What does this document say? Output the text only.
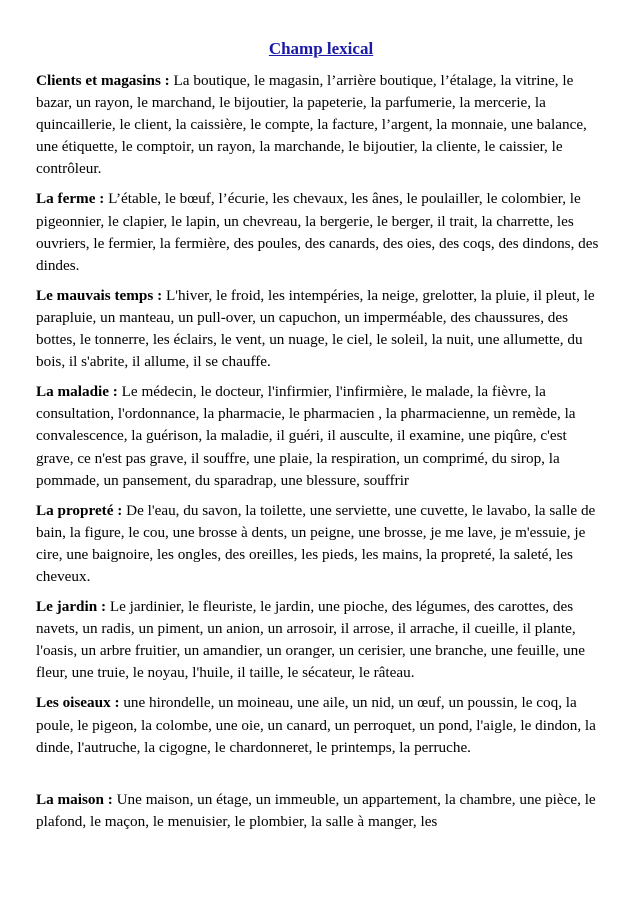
Champ lexical

Clients et magasins : La boutique, le magasin, l’arrière boutique, l’étalage, la vitrine, le bazar, un rayon, le marchand, le bijoutier, la papeterie, la parfumerie, la mercerie, la quincaillerie, le client, la caissière, le compte, la facture, l’argent, la monnaie, une balance, une étiquette, le comptoir, un rayon, la marchande, le bijoutier, la cliente, le caissier, le contrôleur.

La ferme : L’étable, le bœuf, l’écurie, les chevaux, les ânes, le poulailler, le colombier, le pigeonnier, le clapier, le lapin, un chevreau, la bergerie, le berger, il trait, la charrette, les ouvriers, le fermier, la fermière, des poules, des canards, des oies, des coqs, des dindons, des dindes.

Le mauvais temps : L'hiver, le froid, les intempéries, la neige, grelotter, la pluie, il pleut, le parapluie, un manteau, un pull-over, un capuchon, un imperméable, des chaussures, des bottes, le tonnerre, les éclairs, le vent, un nuage, le ciel, le soleil, la nuit, une allumette, du bois, il s'abrite, il allume, il se chauffe.

La maladie : Le médecin, le docteur, l'infirmier, l'infirmière, le malade, la fièvre, la consultation, l'ordonnance, la pharmacie, le pharmacien , la pharmacienne, un remède, la convalescence, la guérison, la maladie, il guéri, il ausculte, il examine, une piqûre, c'est grave, ce n'est pas grave, il souffre, une plaie, la respiration, un comprimé, du sirop, la pommade, un pansement, du sparadrap, une blessure, souffrir

La propreté : De l'eau, du savon, la toilette, une serviette, une cuvette, le lavabo, la salle de bain, la figure, le cou, une brosse à dents, un peigne, une brosse, je me lave, je m'essuie, je cire, une baignoire, les ongles, des oreilles, les pieds, les mains, la propreté, la saleté, les cheveux.

Le jardin : Le jardinier, le fleuriste, le jardin, une pioche, des légumes, des carottes, des navets, un radis, un piment, un anion, un arrosoir, il arrose, il arrache, il cueille, il plante, l'oasis, un arbre fruitier, un amandier, un oranger, un cerisier, une branche, une feuille, une fleur, une truie, le noyau, l'huile, il taille, le sécateur, le râteau.

Les oiseaux : une hirondelle, un moineau, une aile, un nid, un œuf, un poussin, le coq, la poule, le pigeon, la colombe, une oie, un canard, un perroquet, un pond, l'aigle, le dindon, la dinde, l'autruche, la cigogne, le chardonneret, le printemps, la perruche.

La maison : Une maison, un étage, un immeuble, un appartement, la chambre, une pièce, le plafond, le maçon, le menuisier, le plombier, la salle à manger, les
